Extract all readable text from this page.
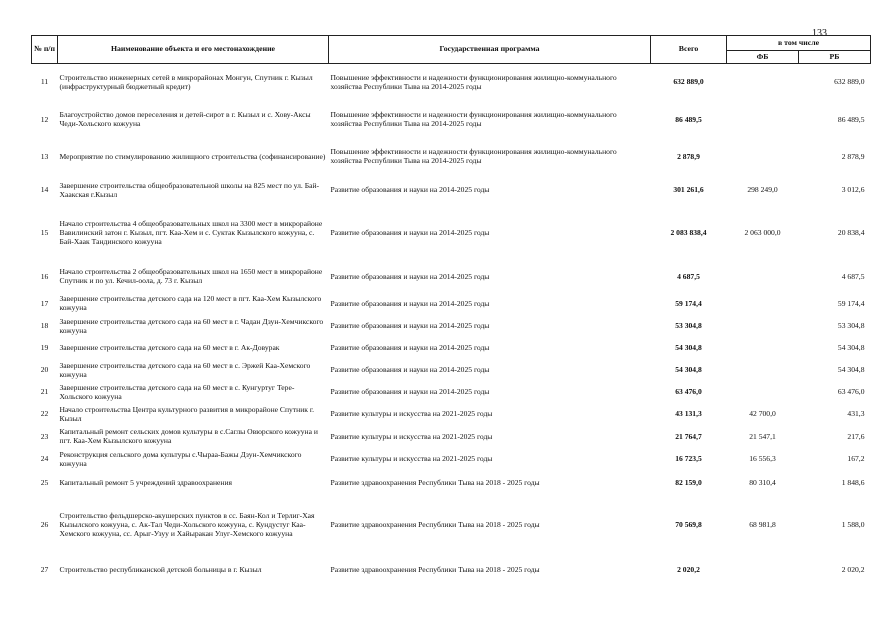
133
№ п/п	Наименование объекта и его местонахождение	Государственная программа	Всего	в том числе	
				ФБ	РБ
11	Строительство инженерных сетей в микрорайонах Монгун, Спутник г. Кызыл (инфраструктурный бюджетный кредит)	Повышение эффективности и надежности функционирования жилищно-коммунального хозяйства Республики Тыва на 2014-2025 годы	632 889,0		632 889,0
12	Благоустройство домов переселения и детей-сирот в г. Кызыл и с. Хову-Аксы Чеди-Хольского кожууна	Повышение эффективности и надежности функционирования жилищно-коммунального хозяйства Республики Тыва на 2014-2025 годы	86 489,5		86 489,5
13	Мероприятие по стимулированию жилищного строительства (софинансирование)	Повышение эффективности и надежности функционирования жилищно-коммунального хозяйства Республики Тыва на 2014-2025 годы	2 878,9		2 878,9
14	Завершение строительства общеобразовательной школы на 825 мест по ул. Бай-Хаакская г.Кызыл	Развитие образования и науки на 2014-2025 годы	301 261,6	298 249,0	3 012,6
15	Начало строительства 4 общеобразовательных школ на 3300 мест в микрорайоне Вавилинский затон г. Кызыл, пгт. Каа-Хем и с. Суктак Кызылского кожууна, с. Бай-Хаак Тандинского кожууна	Развитие образования и науки на 2014-2025 годы	2 083 838,4	2 063 000,0	20 838,4
16	Начало строительства 2 общеобразовательных школ на 1650 мест в микрорайоне Спутник и по ул. Кечил-оола, д. 73 г. Кызыл	Развитие образования и науки на 2014-2025 годы	4 687,5		4 687,5
17	Завершение строительства детского сада на 120 мест в пгт. Каа-Хем Кызылского кожууна	Развитие образования и науки на 2014-2025 годы	59 174,4		59 174,4
18	Завершение строительства детского сада на 60 мест в г. Чадан Дзун-Хемчикского кожууна	Развитие образования и науки на 2014-2025 годы	53 304,8		53 304,8
19	Завершение строительства детского сада на 60 мест в г. Ак-Довурак	Развитие образования и науки на 2014-2025 годы	54 304,8		54 304,8
20	Завершение строительства детского сада на 60 мест в с. Эржей Каа-Хемского кожууна	Развитие образования и науки на 2014-2025 годы	54 304,8		54 304,8
21	Завершение строительства детского сада на 60 мест в с. Кунгуртуг Тере-Хольского кожууна	Развитие образования и науки на 2014-2025 годы	63 476,0		63 476,0
22	Начало строительства Центра культурного развития в микрорайоне Спутник г. Кызыл	Развитие культуры и искусства на 2021-2025 годы	43 131,3	42 700,0	431,3
23	Капитальный ремонт сельских домов культуры в с.Саглы Овюрского кожууна и пгт. Каа-Хем Кызылского кожууна	Развитие культуры и искусства на 2021-2025 годы	21 764,7	21 547,1	217,6
24	Реконструкция сельского дома культуры с.Чыраа-Бажы Дзун-Хемчикского кожууна	Развитие культуры и искусства на 2021-2025 годы	16 723,5	16 556,3	167,2
25	Капитальный ремонт 5 учреждений здравоохранения	Развитие здравоохранения Республики Тыва на 2018 - 2025 годы	82 159,0	80 310,4	1 848,6
26	Строительство фельдшерско-акушерских пунктов в сс. Баян-Кол и Терлиг-Хая Кызылского кожууна, с. Ак-Тал Чеди-Хольского кожууна, с. Кундустуг Каа-Хемского кожууна, сс. Арыг-Узуу и Хайыракан Улуг-Хемского кожууна	Развитие здравоохранения Республики Тыва на 2018 - 2025 годы	70 569,8	68 981,8	1 588,0
27	Строительство республиканской детской больницы в г. Кызыл	Развитие здравоохранения Республики Тыва на 2018 - 2025 годы	2 020,2		2 020,2
